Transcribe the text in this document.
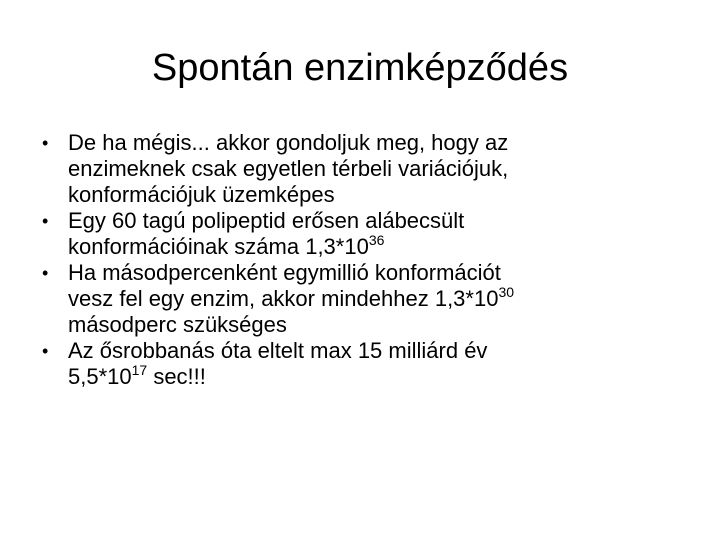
Spontán enzimképződés
• De ha mégis... akkor gondoljuk meg, hogy az
enzimeknek csak egyetlen térbeli variációjuk,
konformációjuk üzemképes
• Egy 60 tagú polipeptid erősen alábecsült
konformációinak száma $1,3*10^{36}$
• Ha másodpercenként egymillió konformációt
vesz fel egy enzim, akkor mindehhez $1,3*10^{30}$
másodperc szükséges
• Az ősrobbanás óta eltelt max 15 milliárd év
$5,5*10^{17}$ sec!!!
